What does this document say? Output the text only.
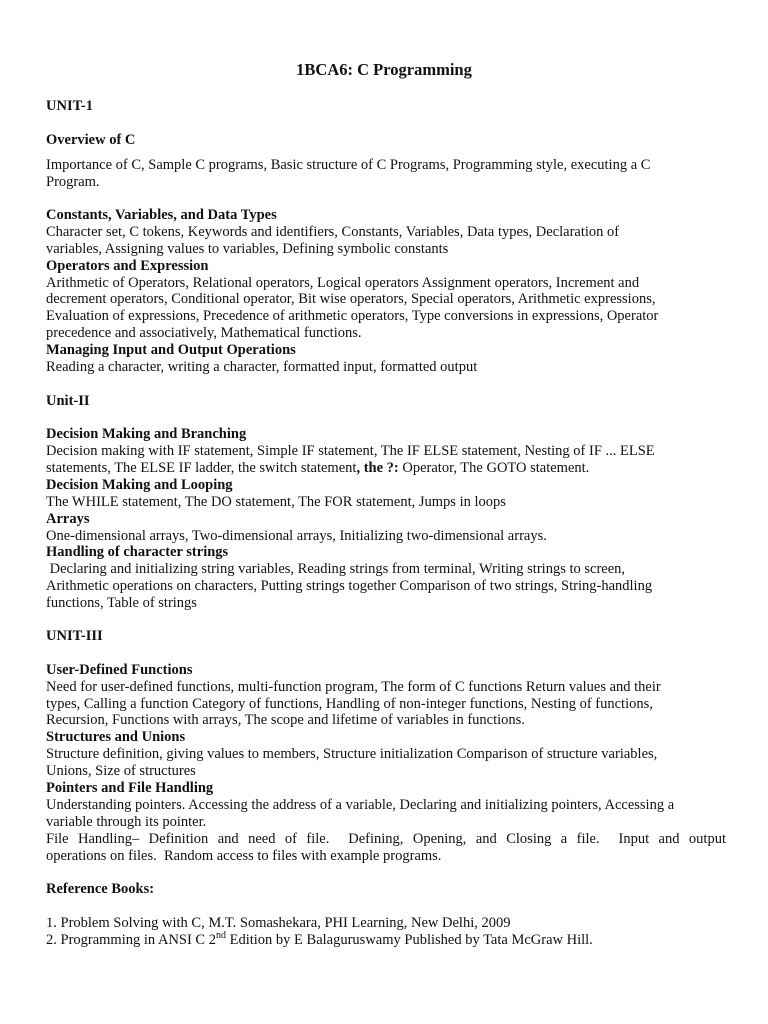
1BCA6: C Programming
UNIT-1
Overview of C
Importance of C, Sample C programs, Basic structure of C Programs, Programming style, executing a C
Program.
Constants, Variables, and Data Types
Character set, C tokens, Keywords and identifiers, Constants, Variables, Data types, Declaration of
variables, Assigning values to variables, Defining symbolic constants
Operators and Expression
Arithmetic of Operators, Relational operators, Logical operators Assignment operators, Increment and
decrement operators, Conditional operator, Bit wise operators, Special operators, Arithmetic expressions,
Evaluation of expressions, Precedence of arithmetic operators, Type conversions in expressions, Operator
precedence and associatively, Mathematical functions.
Managing Input and Output Operations
Reading a character, writing a character, formatted input, formatted output
Unit-II
Decision Making and Branching
Decision making with IF statement, Simple IF statement, The IF ELSE statement, Nesting of IF ... ELSE
statements, The ELSE IF ladder, the switch statement, the ?: Operator, The GOTO statement.
Decision Making and Looping
The WHILE statement, The DO statement, The FOR statement, Jumps in loops
Arrays
One-dimensional arrays, Two-dimensional arrays, Initializing two-dimensional arrays.
Handling of character strings
Declaring and initializing string variables, Reading strings from terminal, Writing strings to screen,
Arithmetic operations on characters, Putting strings together Comparison of two strings, String-handling
functions, Table of strings
UNIT-III
User-Defined Functions
Need for user-defined functions, multi-function program, The form of C functions Return values and their
types, Calling a function Category of functions, Handling of non-integer functions, Nesting of functions,
Recursion, Functions with arrays, The scope and lifetime of variables in functions.
Structures and Unions
Structure definition, giving values to members, Structure initialization Comparison of structure variables,
Unions, Size of structures
Pointers and File Handling
Understanding pointers. Accessing the address of a variable, Declaring and initializing pointers, Accessing a
variable through its pointer.
File Handling– Definition and need of file.  Defining, Opening, and Closing a file.  Input and output
operations on files.  Random access to files with example programs.
Reference Books:
1. Problem Solving with C, M.T. Somashekara, PHI Learning, New Delhi, 2009
2. Programming in ANSI C 2nd Edition by E Balaguruswamy Published by Tata McGraw Hill.
